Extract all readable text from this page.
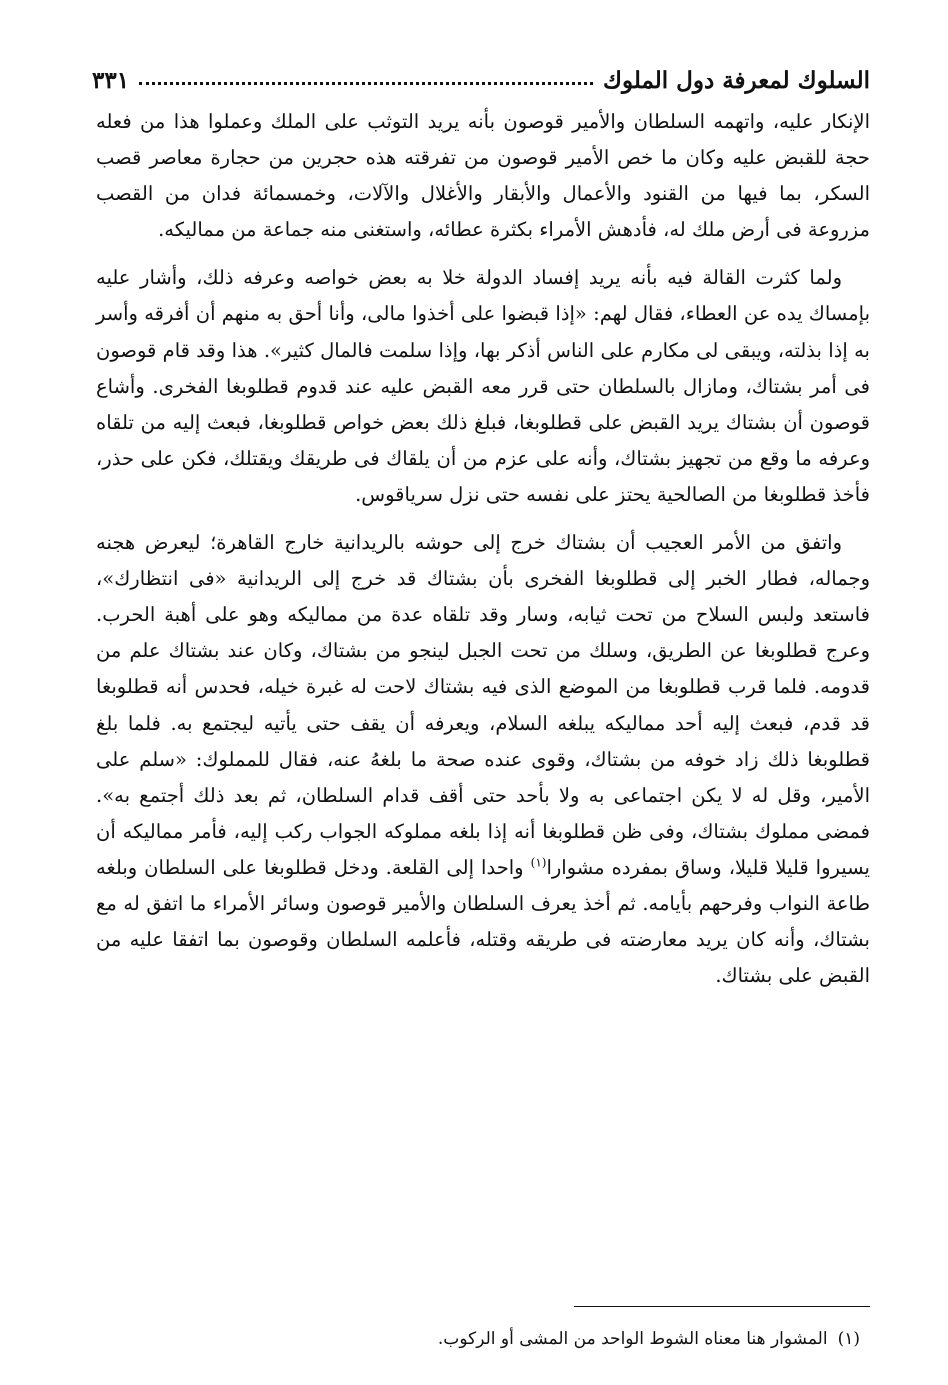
السلوك لمعرفة دول الملوك
٣٣١

الإنكار عليه، واتهمه السلطان والأمير قوصون بأنه يريد التوثب على الملك وعملوا هذا من فعله حجة للقبض عليه وكان ما خص الأمير قوصون من تفرقته هذه حجرين من حجارة معاصر قصب السكر، بما فيها من القنود والأعمال والأبقار والأغلال والآلات، وخمسمائة فدان من القصب مزروعة فى أرض ملك له، فأدهش الأمراء بكثرة عطائه، واستغنى منه جماعة من مماليكه.

ولما كثرت القالة فيه بأنه يريد إفساد الدولة خلا به بعض خواصه وعرفه ذلك، وأشار عليه بإمساك يده عن العطاء، فقال لهم: «إذا قبضوا على أخذوا مالى، وأنا أحق به منهم أن أفرقه وأسر به إذا بذلته، ويبقى لى مكارم على الناس أذكر بها، وإذا سلمت فالمال كثير». هذا وقد قام قوصون فى أمر بشتاك، ومازال بالسلطان حتى قرر معه القبض عليه عند قدوم قطلوبغا الفخرى. وأشاع قوصون أن بشتاك يريد القبض على قطلوبغا، فبلغ ذلك بعض خواص قطلوبغا، فبعث إليه من تلقاه وعرفه ما وقع من تجهيز بشتاك، وأنه على عزم من أن يلقاك فى طريقك ويقتلك، فكن على حذر، فأخذ قطلوبغا من الصالحية يحتز على نفسه حتى نزل سرياقوس.

واتفق من الأمر العجيب أن بشتاك خرج إلى حوشه بالريدانية خارج القاهرة؛ ليعرض هجنه وجماله، فطار الخبر إلى قطلوبغا الفخرى بأن بشتاك قد خرج إلى الريدانية «فى انتظارك»، فاستعد ولبس السلاح من تحت ثيابه، وسار وقد تلقاه عدة من مماليكه وهو على أهبة الحرب. وعرج قطلوبغا عن الطريق، وسلك من تحت الجبل لينجو من بشتاك، وكان عند بشتاك علم من قدومه. فلما قرب قطلوبغا من الموضع الذى فيه بشتاك لاحت له غبرة خيله، فحدس أنه قطلوبغا قد قدم، فبعث إليه أحد مماليكه يبلغه السلام، ويعرفه أن يقف حتى يأتيه ليجتمع به. فلما بلغ قطلوبغا ذلك زاد خوفه من بشتاك، وقوى عنده صحة ما بلغهُ عنه، فقال للمملوك: «سلم على الأمير، وقل له لا يكن اجتماعى به ولا بأحد حتى أقف قدام السلطان، ثم بعد ذلك أجتمع به». فمضى مملوك بشتاك، وفى ظن قطلوبغا أنه إذا بلغه مملوكه الجواب ركب إليه، فأمر مماليكه أن يسيروا قليلا قليلا، وساق بمفرده مشوارا$^{(١)}$ واحدا إلى القلعة. ودخل قطلوبغا على السلطان وبلغه طاعة النواب وفرحهم بأيامه. ثم أخذ يعرف السلطان والأمير قوصون وسائر الأمراء ما اتفق له مع بشتاك، وأنه كان يريد معارضته فى طريقه وقتله، فأعلمه السلطان وقوصون بما اتفقا عليه من القبض على بشتاك.

(١)المشوار هنا معناه الشوط الواحد من المشى أو الركوب.
